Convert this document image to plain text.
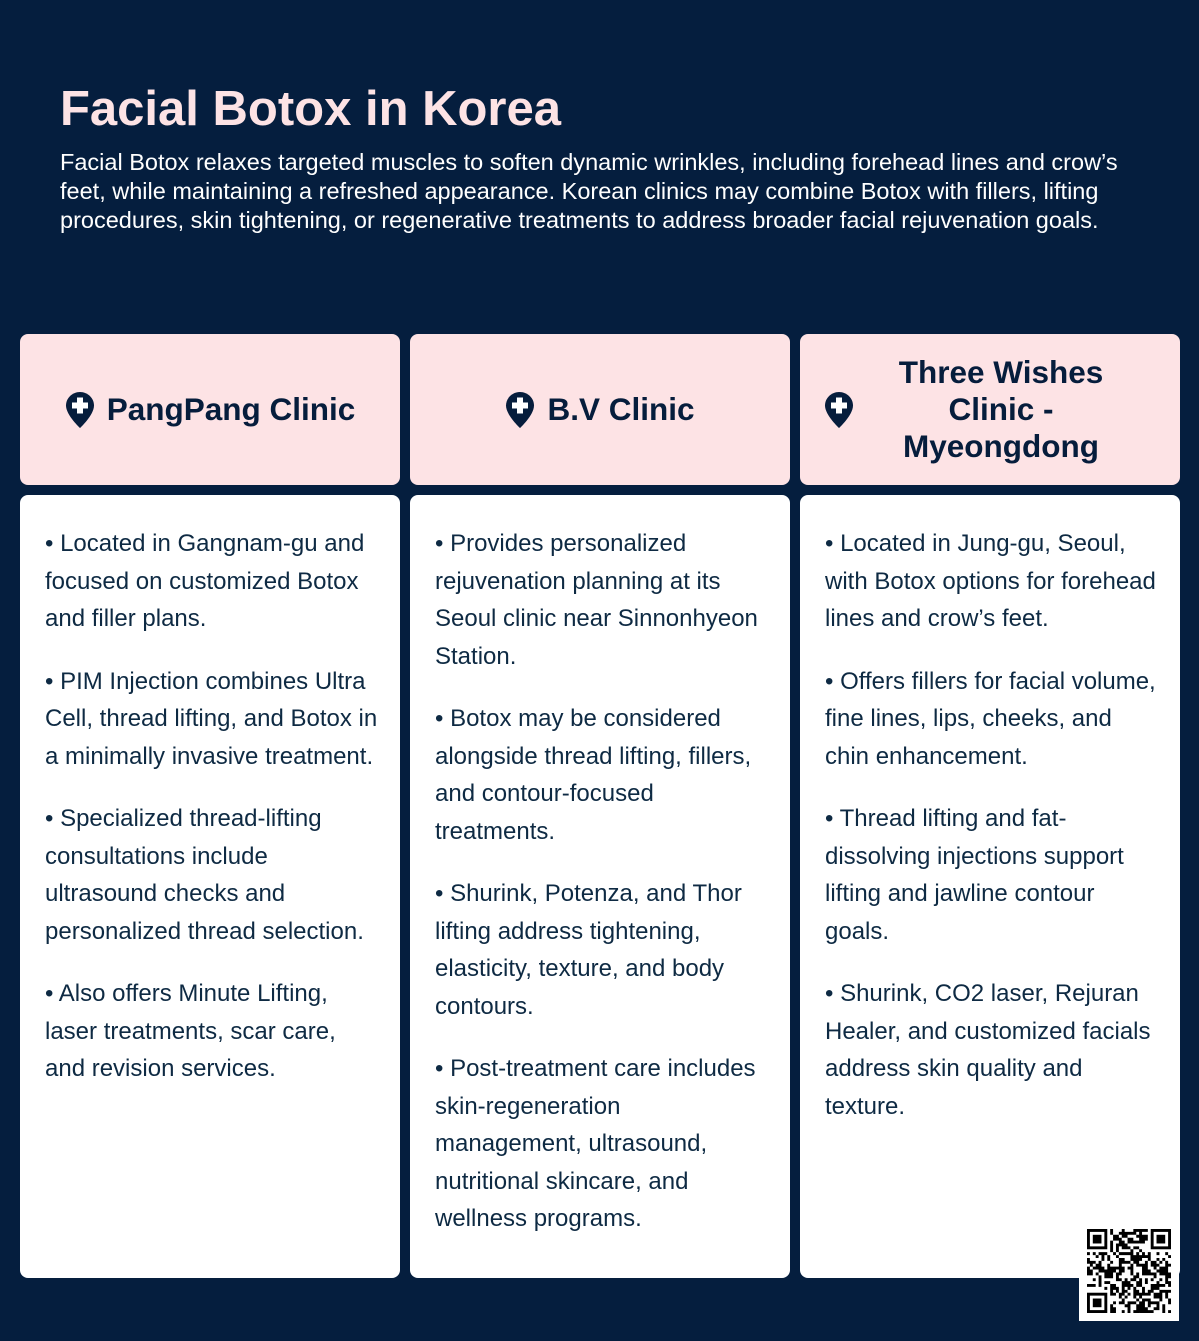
Facial Botox in Korea

Facial Botox relaxes targeted muscles to soften dynamic wrinkles, including forehead lines and crow’s feet, while maintaining a refreshed appearance. Korean clinics may combine Botox with fillers, lifting procedures, skin tightening, or regenerative treatments to address broader facial rejuvenation goals.

PangPang Clinic

• Located in Gangnam-gu and focused on customized Botox and filler plans.

• PIM Injection combines Ultra Cell, thread lifting, and Botox in a minimally invasive treatment.

• Specialized thread-lifting consultations include ultrasound checks and personalized thread selection.

• Also offers Minute Lifting, laser treatments, scar care, and revision services.

B.V Clinic

• Provides personalized rejuvenation planning at its Seoul clinic near Sinnonhyeon Station.

• Botox may be considered alongside thread lifting, fillers, and contour-focused treatments.

• Shurink, Potenza, and Thor lifting address tightening, elasticity, texture, and body contours.

• Post-treatment care includes skin-regeneration management, ultrasound, nutritional skincare, and wellness programs.

Three Wishes Clinic - Myeongdong

• Located in Jung-gu, Seoul, with Botox options for forehead lines and crow’s feet.

• Offers fillers for facial volume, fine lines, lips, cheeks, and chin enhancement.

• Thread lifting and fat-dissolving injections support lifting and jawline contour goals.

• Shurink, CO2 laser, Rejuran Healer, and customized facials address skin quality and texture.
